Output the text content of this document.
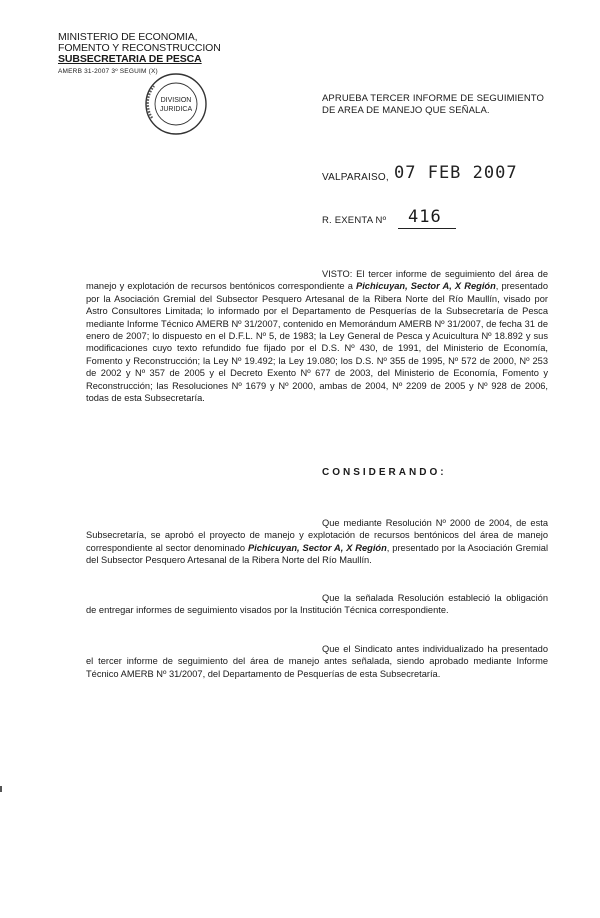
MINISTERIO DE ECONOMIA,
FOMENTO Y RECONSTRUCCION
SUBSECRETARIA DE PESCA
AMERB 31-2007 3º SEGUIM (X)
DIVISION
JURIDICA
APRUEBA TERCER INFORME DE SEGUIMIENTO DE AREA DE MANEJO QUE SEÑALA.
VALPARAISO, 07 FEB 2007
R. EXENTA Nº 416
VISTO: El tercer informe de seguimiento del área de manejo y explotación de recursos bentónicos correspondiente a Pichicuyan, Sector A, X Región, presentado por la Asociación Gremial del Subsector Pesquero Artesanal de la Ribera Norte del Río Maullín, visado por Astro Consultores Limitada; lo informado por el Departamento de Pesquerías de la Subsecretaría de Pesca mediante Informe Técnico AMERB Nº 31/2007, contenido en Memorándum AMERB Nº 31/2007, de fecha 31 de enero de 2007; lo dispuesto en el D.F.L. Nº 5, de 1983; la Ley General de Pesca y Acuicultura Nº 18.892 y sus modificaciones cuyo texto refundido fue fijado por el D.S. Nº 430, de 1991, del Ministerio de Economía, Fomento y Reconstrucción; la Ley Nº 19.492; la Ley 19.080; los D.S. Nº 355 de 1995, Nº 572 de 2000, Nº 253 de 2002 y Nº 357 de 2005 y el Decreto Exento Nº 677 de 2003, del Ministerio de Economía, Fomento y Reconstrucción; las Resoluciones Nº 1679 y Nº 2000, ambas de 2004, Nº 2209 de 2005 y Nº 928 de 2006, todas de esta Subsecretaría.
CONSIDERANDO:
Que mediante Resolución Nº 2000 de 2004, de esta Subsecretaría, se aprobó el proyecto de manejo y explotación de recursos bentónicos del área de manejo correspondiente al sector denominado Pichicuyan, Sector A, X Región, presentado por la Asociación Gremial del Subsector Pesquero Artesanal de la Ribera Norte del Río Maullín.
Que la señalada Resolución estableció la obligación de entregar informes de seguimiento visados por la Institución Técnica correspondiente.
Que el Sindicato antes individualizado ha presentado el tercer informe de seguimiento del área de manejo antes señalada, siendo aprobado mediante Informe Técnico AMERB Nº 31/2007, del Departamento de Pesquerías de esta Subsecretaría.
